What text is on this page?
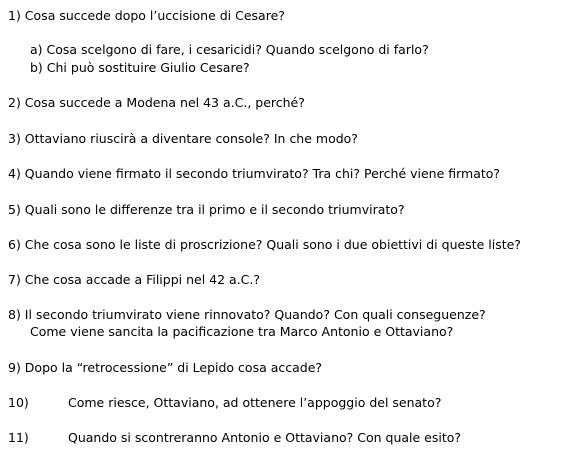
1) Cosa succede dopo l’uccisione di Cesare?
a) Cosa scelgono di fare, i cesaricidi? Quando scelgono di farlo?
b) Chi può sostituire Giulio Cesare?
2) Cosa succede a Modena nel 43 a.C., perché?
3) Ottaviano riuscirà a diventare console? In che modo?
4) Quando viene firmato il secondo triumvirato? Tra chi? Perché viene firmato?
5) Quali sono le differenze tra il primo e il secondo triumvirato?
6) Che cosa sono le liste di proscrizione? Quali sono i due obiettivi di queste liste?
7) Che cosa accade a Filippi nel 42 a.C.?
8) Il secondo triumvirato viene rinnovato? Quando? Con quali conseguenze?
Come viene sancita la pacificazione tra Marco Antonio e Ottaviano?
9) Dopo la “retrocessione” di Lepido cosa accade?
10)	Come riesce, Ottaviano, ad ottenere l’appoggio del senato?
11)	Quando si scontreranno Antonio e Ottaviano? Con quale esito?
